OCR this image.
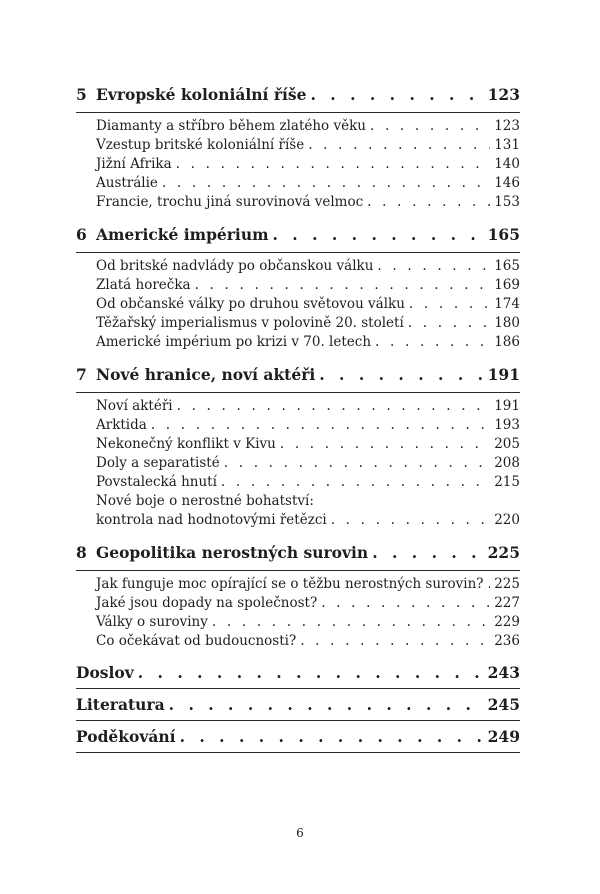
5 Evropské koloniální říše . . .	123
Diamanty a stříbro během zlatého věku . . .	123
Vzestup britské koloniální říše . . .	131
Jižní Afrika . . .	140
Austrálie . . .	146
Francie, trochu jiná surovinová velmoc . . .	153
6 Americké impérium . . .	165
Od britské nadvlády po občanskou válku . . .	165
Zlatá horečka . . .	169
Od občanské války po druhou světovou válku . . .	174
Těžařský imperialismus v polovině 20. století . . .	180
Americké impérium po krizi v 70. letech . . .	186
7 Nové hranice, noví aktéři . . .	191
Noví aktéři . . .	191
Arktida . . .	193
Nekonečný konflikt v Kivu . . .	205
Doly a separatisté . . .	208
Povstalecká hnutí . . .	215
Nové boje o nerostné bohatství:
kontrola nad hodnotovými řetězci . . .	220
8 Geopolitika nerostných surovin . . .	225
Jak funguje moc opírající se o těžbu nerostných surovin? . . . 225
Jaké jsou dopady na společnost? . . .	227
Války o suroviny . . .	229
Co očekávat od budoucnosti? . . .	236
Doslov . . .	243
Literatura . . .	245
Poděkování . . .	249
6
